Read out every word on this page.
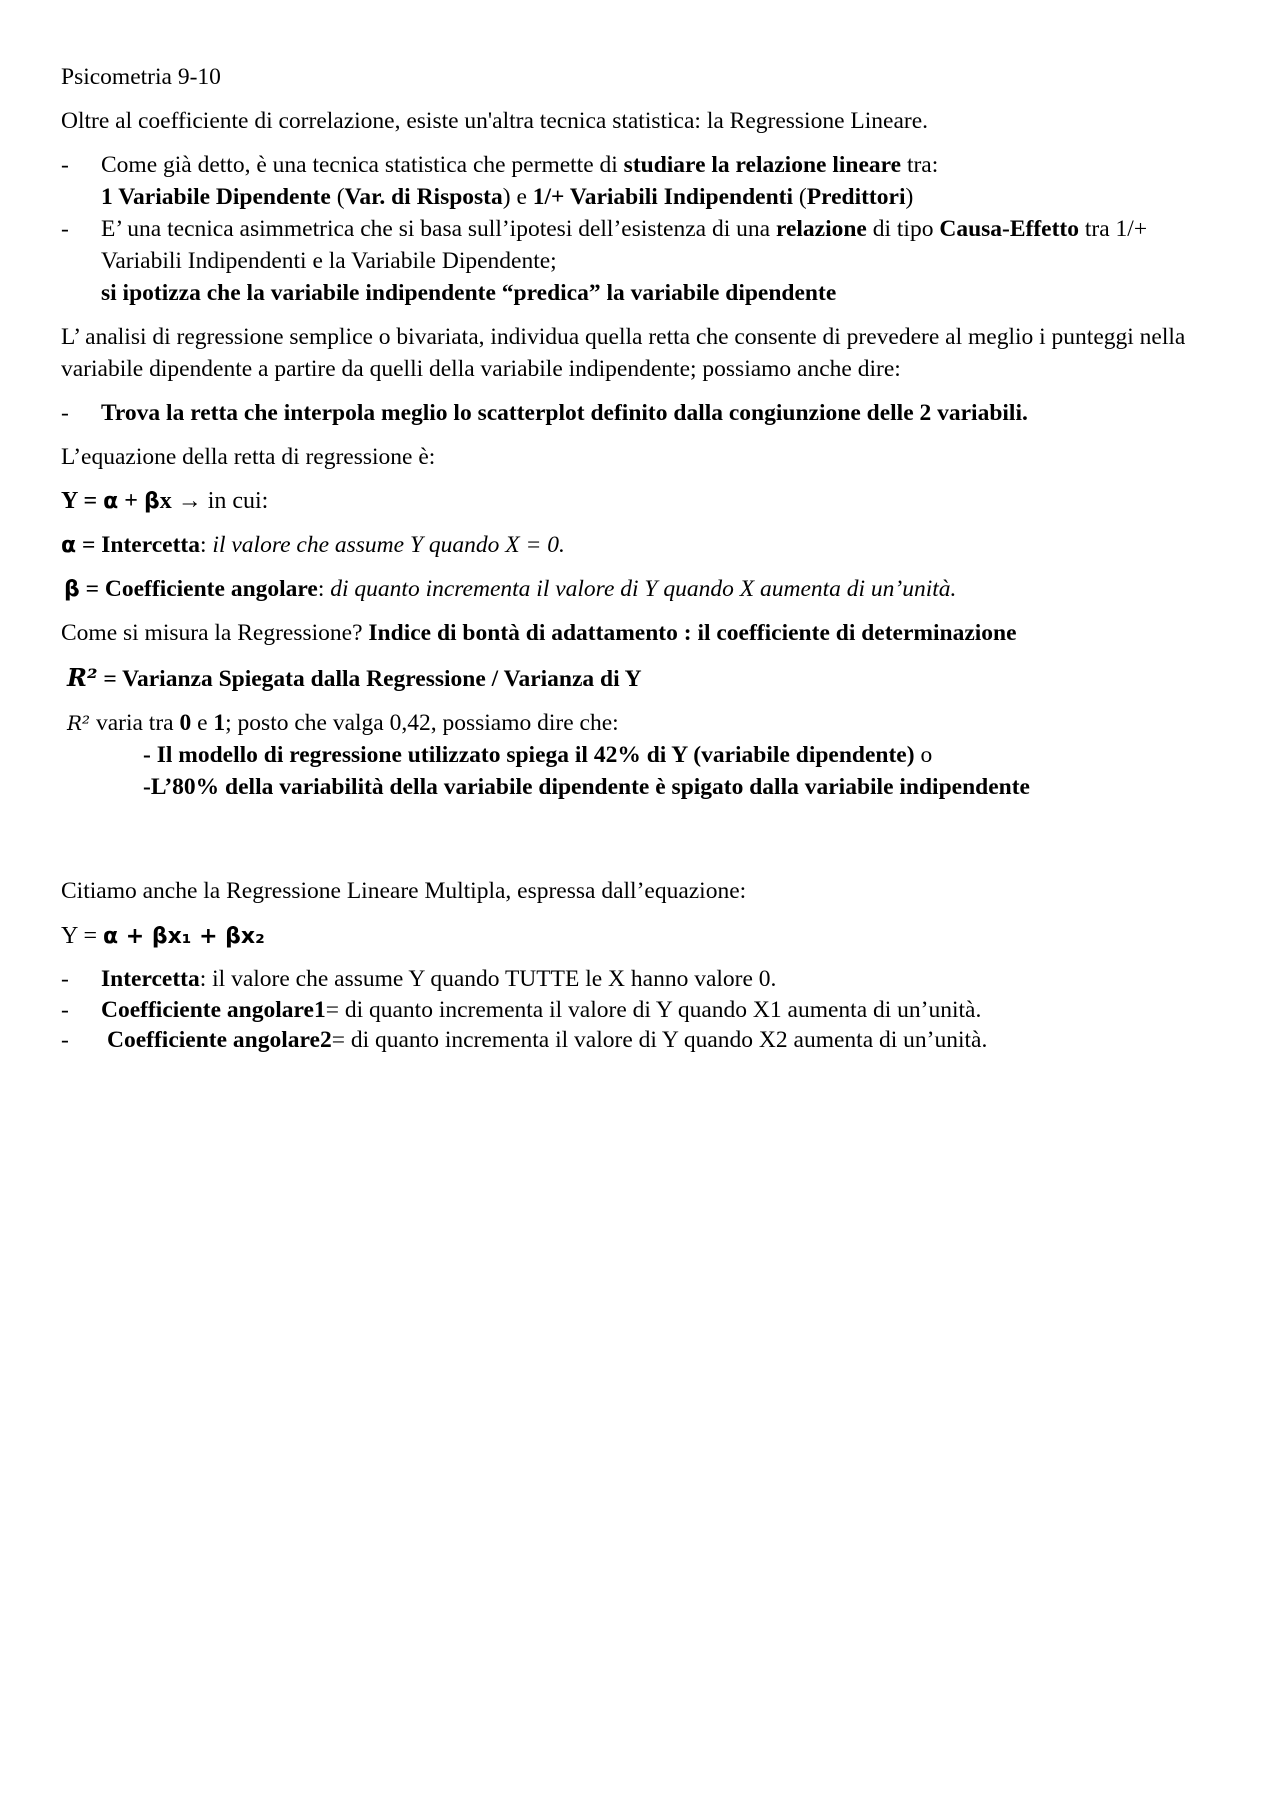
Psicometria 9-10

Oltre al coefficiente di correlazione, esiste un'altra tecnica statistica: la Regressione Lineare.

- Come già detto, è una tecnica statistica che permette di studiare la relazione lineare tra:
1 Variabile Dipendente (Var. di Risposta) e 1/+ Variabili Indipendenti (Predittori)
- E’ una tecnica asimmetrica che si basa sull’ipotesi dell’esistenza di una relazione di tipo Causa-Effetto tra 1/+ Variabili Indipendenti e la Variabile Dipendente;
si ipotizza che la variabile indipendente “predica” la variabile dipendente

L’ analisi di regressione semplice o bivariata, individua quella retta che consente di prevedere al meglio i punteggi nella variabile dipendente a partire da quelli della variabile indipendente; possiamo anche dire:

- Trova la retta che interpola meglio lo scatterplot definito dalla congiunzione delle 2 variabili.

L’equazione della retta di regressione è:

Y = α + βx → in cui:

α = Intercetta: il valore che assume Y quando X = 0.

β = Coefficiente angolare: di quanto incrementa il valore di Y quando X aumenta di un’unità.

Come si misura la Regressione? Indice di bontà di adattamento : il coefficiente di determinazione

R² = Varianza Spiegata dalla Regressione / Varianza di Y

R² varia tra 0 e 1; posto che valga 0,42, possiamo dire che:

- Il modello di regressione utilizzato spiega il 42% di Y (variabile dipendente) o

-L’80% della variabilità della variabile dipendente è spigato dalla variabile indipendente

Citiamo anche la Regressione Lineare Multipla, espressa dall’equazione:

Y = α + βx₁ + βx₂

- Intercetta: il valore che assume Y quando TUTTE le X hanno valore 0.
- Coefficiente angolare1= di quanto incrementa il valore di Y quando X1 aumenta di un’unità.
- Coefficiente angolare2= di quanto incrementa il valore di Y quando X2 aumenta di un’unità.
